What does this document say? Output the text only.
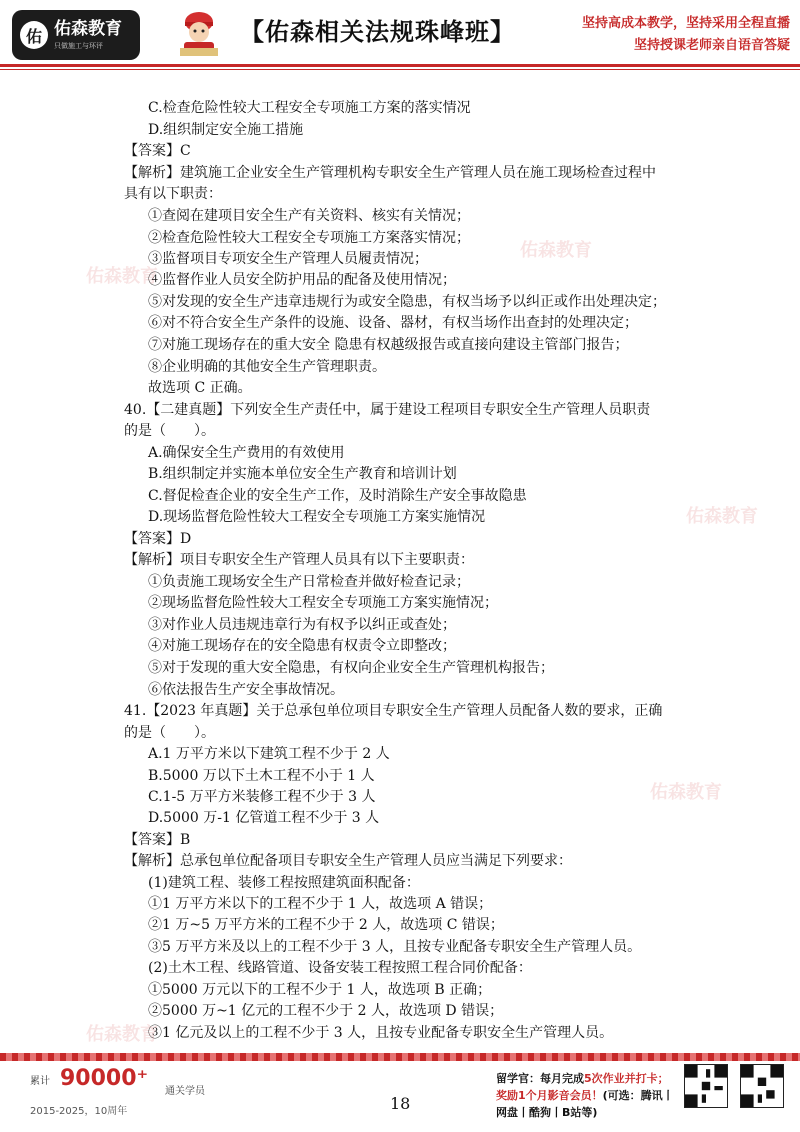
佑 佑森教育
只做施工与环评	【佑森相关法规珠峰班】	坚持高成本教学，坚持采用全程直播
坚持授课老师亲自语音答疑
佑森教育
佑森教育
佑森教育
佑森教育
佑森教育
累计 90000⁺
通关学员
2015-2025，10周年	18
留学官：每月完成5次作业并打卡；
奖励1个月影音会员！(可选：腾讯丨
网盘丨酷狗丨B站等)
C.检查危险性较大工程安全专项施工方案的落实情况
D.组织制定安全施工措施
【答案】C
【解析】建筑施工企业安全生产管理机构专职安全生产管理人员在施工现场检查过程中
具有以下职责：
①查阅在建项目安全生产有关资料、核实有关情况；
②检查危险性较大工程安全专项施工方案落实情况；
③监督项目专项安全生产管理人员履责情况；
④监督作业人员安全防护用品的配备及使用情况；
⑤对发现的安全生产违章违规行为或安全隐患，有权当场予以纠正或作出处理决定；
⑥对不符合安全生产条件的设施、设备、器材，有权当场作出查封的处理决定；
⑦对施工现场存在的重大安全 隐患有权越级报告或直接向建设主管部门报告；
⑧企业明确的其他安全生产管理职责。
故选项 C 正确。
40.【二建真题】下列安全生产责任中，属于建设工程项目专职安全生产管理人员职责
的是（　　）。
A.确保安全生产费用的有效使用
B.组织制定并实施本单位安全生产教育和培训计划
C.督促检查企业的安全生产工作，及时消除生产安全事故隐患
D.现场监督危险性较大工程安全专项施工方案实施情况
【答案】D
【解析】项目专职安全生产管理人员具有以下主要职责：
①负责施工现场安全生产日常检查并做好检查记录；
②现场监督危险性较大工程安全专项施工方案实施情况；
③对作业人员违规违章行为有权予以纠正或查处；
④对施工现场存在的安全隐患有权责令立即整改；
⑤对于发现的重大安全隐患，有权向企业安全生产管理机构报告；
⑥依法报告生产安全事故情况。
41.【2023 年真题】关于总承包单位项目专职安全生产管理人员配备人数的要求，正确
的是（　　）。
A.1 万平方米以下建筑工程不少于 2 人
B.5000 万以下土木工程不小于 1 人
C.1-5 万平方米装修工程不少于 3 人
D.5000 万-1 亿管道工程不少于 3 人
【答案】B
【解析】总承包单位配备项目专职安全生产管理人员应当满足下列要求：
(1)建筑工程、装修工程按照建筑面积配备：
①1 万平方米以下的工程不少于 1 人，故选项 A 错误；
②1 万~5 万平方米的工程不少于 2 人，故选项 C 错误；
③5 万平方米及以上的工程不少于 3 人，且按专业配备专职安全生产管理人员。
(2)土木工程、线路管道、设备安装工程按照工程合同价配备：
①5000 万元以下的工程不少于 1 人，故选项 B 正确；
②5000 万~1 亿元的工程不少于 2 人，故选项 D 错误；
③1 亿元及以上的工程不少于 3 人，且按专业配备专职安全生产管理人员。
